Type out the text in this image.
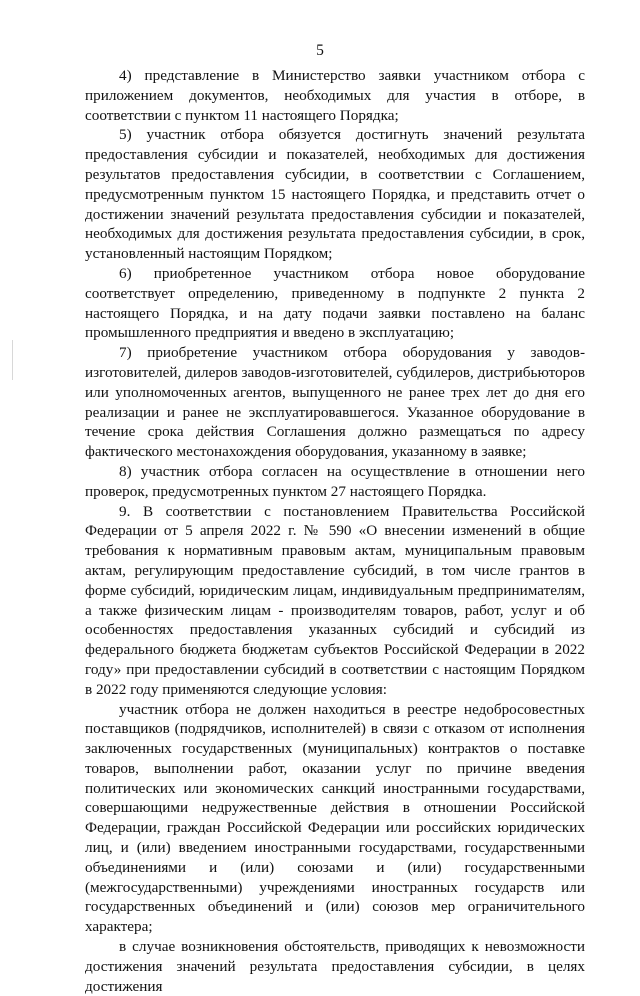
5

4) представление в Министерство заявки участником отбора с приложением документов, необходимых для участия в отборе, в соответствии с пунктом 11 настоящего Порядка;

5) участник отбора обязуется достигнуть значений результата предоставления субсидии и показателей, необходимых для достижения результатов предоставления субсидии, в соответствии с Соглашением, предусмотренным пунктом 15 настоящего Порядка, и представить отчет о достижении значений результата предоставления субсидии и показателей, необходимых для достижения результата предоставления субсидии, в срок, установленный настоящим Порядком;

6) приобретенное участником отбора новое оборудование соответствует определению, приведенному в подпункте 2 пункта 2 настоящего Порядка, и на дату подачи заявки поставлено на баланс промышленного предприятия и введено в эксплуатацию;

7) приобретение участником отбора оборудования у заводов-изготовителей, дилеров заводов-изготовителей, субдилеров, дистрибьюторов или уполномоченных агентов, выпущенного не ранее трех лет до дня его реализации и ранее не эксплуатировавшегося. Указанное оборудование в течение срока действия Соглашения должно размещаться по адресу фактического местонахождения оборудования, указанному в заявке;

8) участник отбора согласен на осуществление в отношении него проверок, предусмотренных пунктом 27 настоящего Порядка.

9. В соответствии с постановлением Правительства Российской Федерации от 5 апреля 2022 г. № 590 «О внесении изменений в общие требования к нормативным правовым актам, муниципальным правовым актам, регулирующим предоставление субсидий, в том числе грантов в форме субсидий, юридическим лицам, индивидуальным предпринимателям, а также физическим лицам - производителям товаров, работ, услуг и об особенностях предоставления указанных субсидий и субсидий из федерального бюджета бюджетам субъектов Российской Федерации в 2022 году» при предоставлении субсидий в соответствии с настоящим Порядком в 2022 году применяются следующие условия:

участник отбора не должен находиться в реестре недобросовестных поставщиков (подрядчиков, исполнителей) в связи с отказом от исполнения заключенных государственных (муниципальных) контрактов о поставке товаров, выполнении работ, оказании услуг по причине введения политических или экономических санкций иностранными государствами, совершающими недружественные действия в отношении Российской Федерации, граждан Российской Федерации или российских юридических лиц, и (или) введением иностранными государствами, государственными объединениями и (или) союзами и (или) государственными (межгосударственными) учреждениями иностранных государств или государственных объединений и (или) союзов мер ограничительного характера;

в случае возникновения обстоятельств, приводящих к невозможности достижения значений результата предоставления субсидии, в целях достижения
